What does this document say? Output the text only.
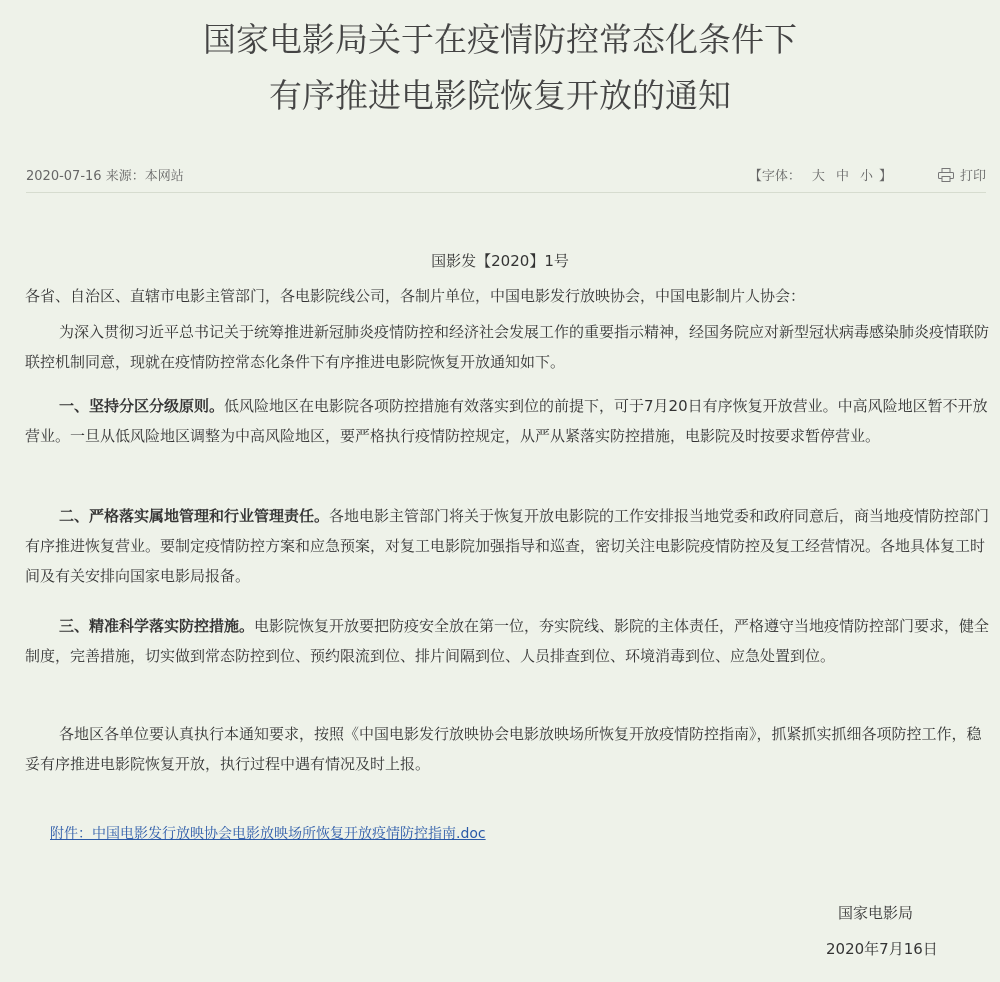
国家电影局关于在疫情防控常态化条件下
有序推进电影院恢复开放的通知
2020-07-16 来源：本网站	【字体： 大 中 小 】	打印
国影发【2020】1号
各省、自治区、直辖市电影主管部门，各电影院线公司，各制片单位，中国电影发行放映协会，中国电影制片人协会：

为深入贯彻习近平总书记关于统筹推进新冠肺炎疫情防控和经济社会发展工作的重要指示精神，经国务院应对新型冠状病毒感染肺炎疫情联防联控机制同意，现就在疫情防控常态化条件下有序推进电影院恢复开放通知如下。

一、坚持分区分级原则。低风险地区在电影院各项防控措施有效落实到位的前提下，可于7月20日有序恢复开放营业。中高风险地区暂不开放营业。一旦从低风险地区调整为中高风险地区，要严格执行疫情防控规定，从严从紧落实防控措施，电影院及时按要求暂停营业。

二、严格落实属地管理和行业管理责任。各地电影主管部门将关于恢复开放电影院的工作安排报当地党委和政府同意后，商当地疫情防控部门有序推进恢复营业。要制定疫情防控方案和应急预案，对复工电影院加强指导和巡查，密切关注电影院疫情防控及复工经营情况。各地具体复工时间及有关安排向国家电影局报备。

三、精准科学落实防控措施。电影院恢复开放要把防疫安全放在第一位，夯实院线、影院的主体责任，严格遵守当地疫情防控部门要求，健全制度，完善措施，切实做到常态防控到位、预约限流到位、排片间隔到位、人员排查到位、环境消毒到位、应急处置到位。

各地区各单位要认真执行本通知要求，按照《中国电影发行放映协会电影放映场所恢复开放疫情防控指南》，抓紧抓实抓细各项防控工作，稳妥有序推进电影院恢复开放，执行过程中遇有情况及时上报。

附件：中国电影发行放映协会电影放映场所恢复开放疫情防控指南.doc
国家电影局
2020年7月16日
